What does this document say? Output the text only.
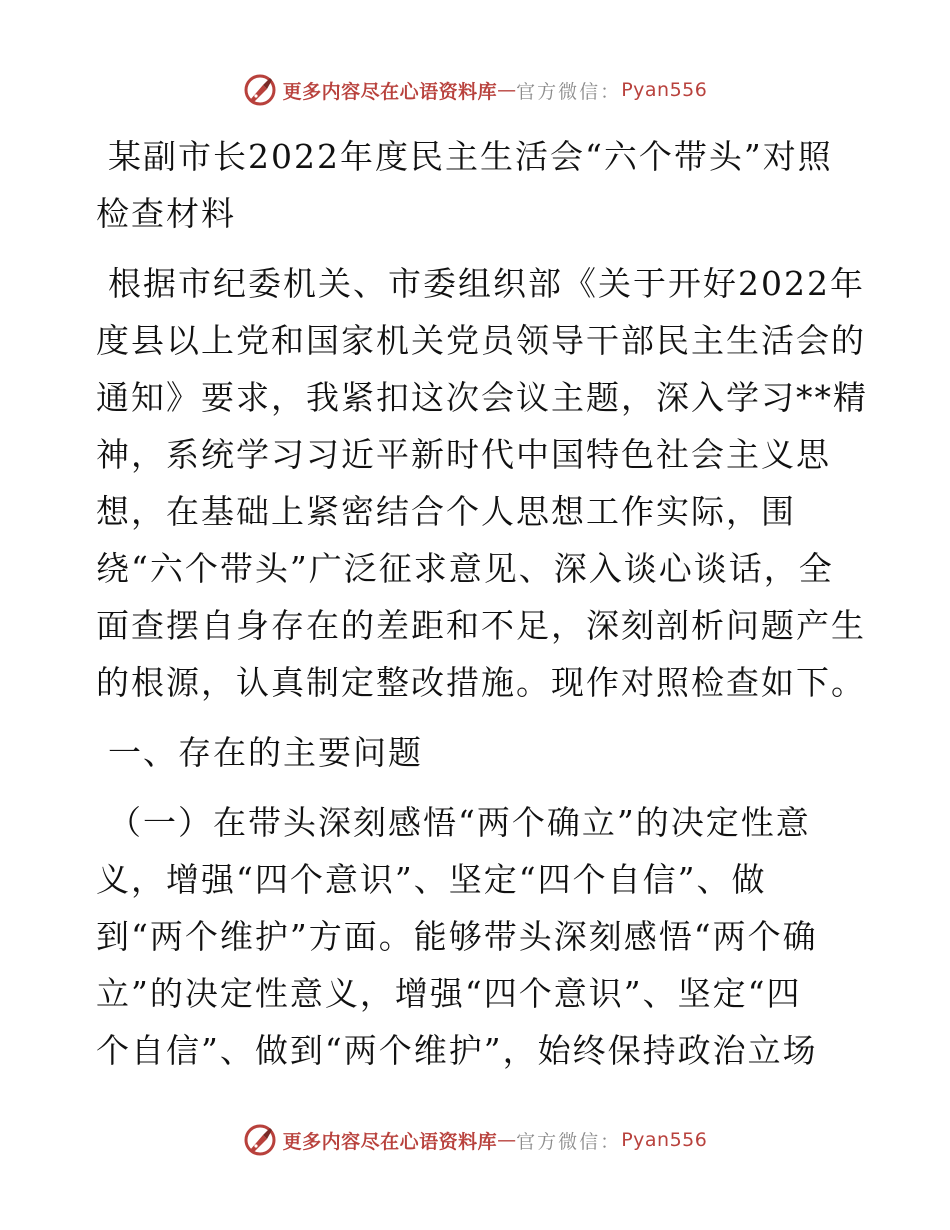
更多内容尽在心语资料库 — 官方微信： Pyan556
某副市长2022年度民主生活会“六个带头”对照
检查材料
根据市纪委机关、市委组织部《关于开好2022年
度县以上党和国家机关党员领导干部民主生活会的
通知》要求，我紧扣这次会议主题，深入学习**精
神，系统学习习近平新时代中国特色社会主义思
想，在基础上紧密结合个人思想工作实际，围
绕“六个带头”广泛征求意见、深入谈心谈话，全
面查摆自身存在的差距和不足，深刻剖析问题产生
的根源，认真制定整改措施。现作对照检查如下。
一、存在的主要问题
（一）在带头深刻感悟“两个确立”的决定性意
义，增强“四个意识”、坚定“四个自信”、做
到“两个维护”方面。能够带头深刻感悟“两个确
立”的决定性意义，增强“四个意识”、坚定“四
个自信”、做到“两个维护”，始终保持政治立场
更多内容尽在心语资料库 — 官方微信： Pyan556
